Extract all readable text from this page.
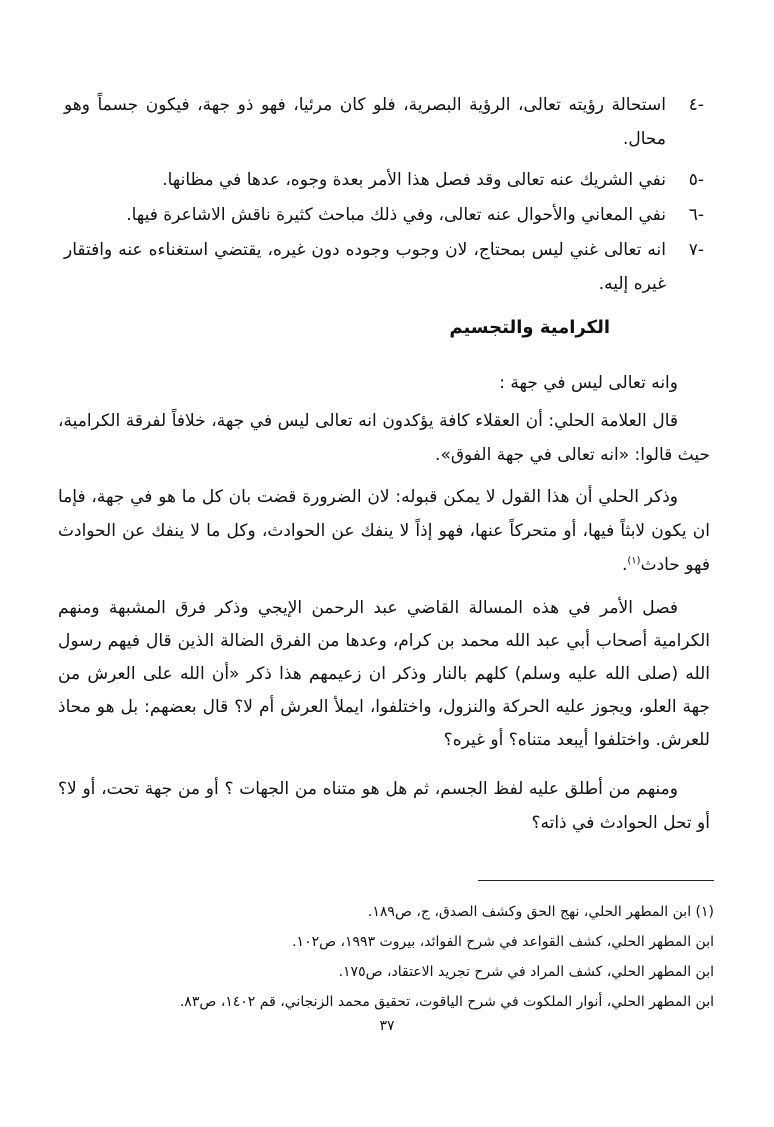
-٤
استحالة رؤيته تعالى، الرؤية البصرية، فلو كان مرئيا، فهو ذو جهة، فيكون جسماً وهو محال.
-٥
نفي الشريك عنه تعالى وقد فصل هذا الأمر بعدة وجوه، عدها في مظانها.
-٦
نفي المعاني والأحوال عنه تعالى، وفي ذلك مباحث كثيرة ناقش الاشاعرة فيها.
-٧
انه تعالى غني ليس بمحتاج، لان وجوب وجوده دون غيره، يقتضي استغناءه عنه وافتقار غيره إليه.
الكرامية والتجسيم
وانه تعالى ليس في جهة :
قال العلامة الحلي: أن العقلاء كافة يؤكدون انه تعالى ليس في جهة، خلافاً لفرقة الكرامية، حيث قالوا: «انه تعالى في جهة الفوق».
وذكر الحلي أن هذا القول لا يمكن قبوله: لان الضرورة قضت بان كل ما هو في جهة، فإما ان يكون لابثاً فيها، أو متحركاً عنها، فهو إذاً لا ينفك عن الحوادث، وكل ما لا ينفك عن الحوادث فهو حادث$^{(١)}$.
فصل الأمر في هذه المسالة القاضي عبد الرحمن الإيجي وذكر فرق المشبهة ومنهم الكرامية أصحاب أبي عبد الله محمد بن كرام، وعدها من الفرق الضالة الذين قال فيهم رسول الله (صلى الله عليه وسلم) كلهم بالنار وذكر ان زعيمهم هذا ذكر «أن الله على العرش من جهة العلو، ويجوز عليه الحركة والنزول، واختلفوا، ايملأ العرش أم لا؟ قال بعضهم: بل هو محاذ للعرش. واختلفوا أيبعد متناه؟ أو غيره؟
ومنهم من أطلق عليه لفظ الجسم، ثم هل هو متناه من الجهات ؟ أو من جهة تحت، أو لا؟ أو تحل الحوادث في ذاته؟
(١) ابن المطهر الحلي، نهج الحق وكشف الصدق، ج، ص١٨٩.
ابن المطهر الحلي، كشف القواعد في شرح الفوائد، بيروت ١٩٩٣، ص١٠٢.
ابن المطهر الحلي، كشف المراد في شرح تجريد الاعتقاد، ص١٧٥.
ابن المطهر الحلي، أنوار الملكوت في شرح الياقوت، تحقيق محمد الزنجاني، قم ١٤٠٢، ص٨٣.
٣٧
